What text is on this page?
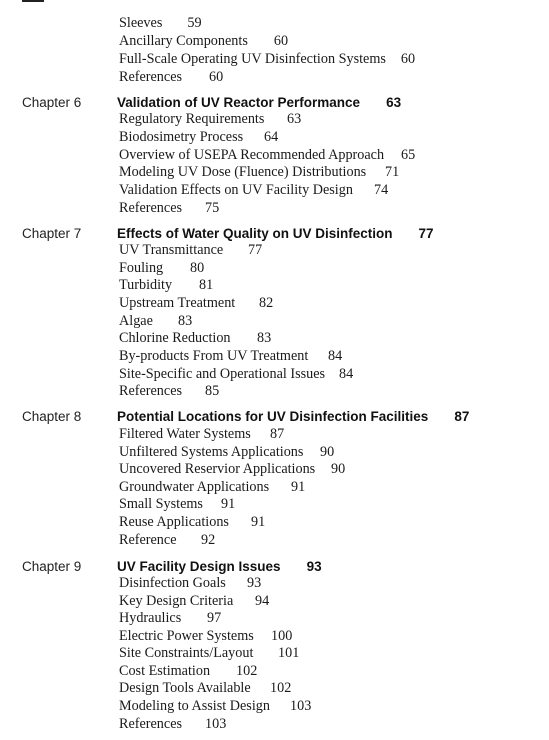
Sleeves 59
Ancillary Components 60
Full-Scale Operating UV Disinfection Systems 60
References 60
Chapter 6	Validation of UV Reactor Performance 63
Regulatory Requirements 63
Biodosimetry Process 64
Overview of USEPA Recommended Approach 65
Modeling UV Dose (Fluence) Distributions 71
Validation Effects on UV Facility Design 74
References 75
Chapter 7	Effects of Water Quality on UV Disinfection 77
UV Transmittance 77
Fouling 80
Turbidity 81
Upstream Treatment 82
Algae 83
Chlorine Reduction 83
By-products From UV Treatment 84
Site-Specific and Operational Issues 84
References 85
Chapter 8	Potential Locations for UV Disinfection Facilities 87
Filtered Water Systems 87
Unfiltered Systems Applications 90
Uncovered Reservior Applications 90
Groundwater Applications 91
Small Systems 91
Reuse Applications 91
Reference 92
Chapter 9	UV Facility Design Issues 93
Disinfection Goals 93
Key Design Criteria 94
Hydraulics 97
Electric Power Systems 100
Site Constraints/Layout 101
Cost Estimation 102
Design Tools Available 102
Modeling to Assist Design 103
References 103
